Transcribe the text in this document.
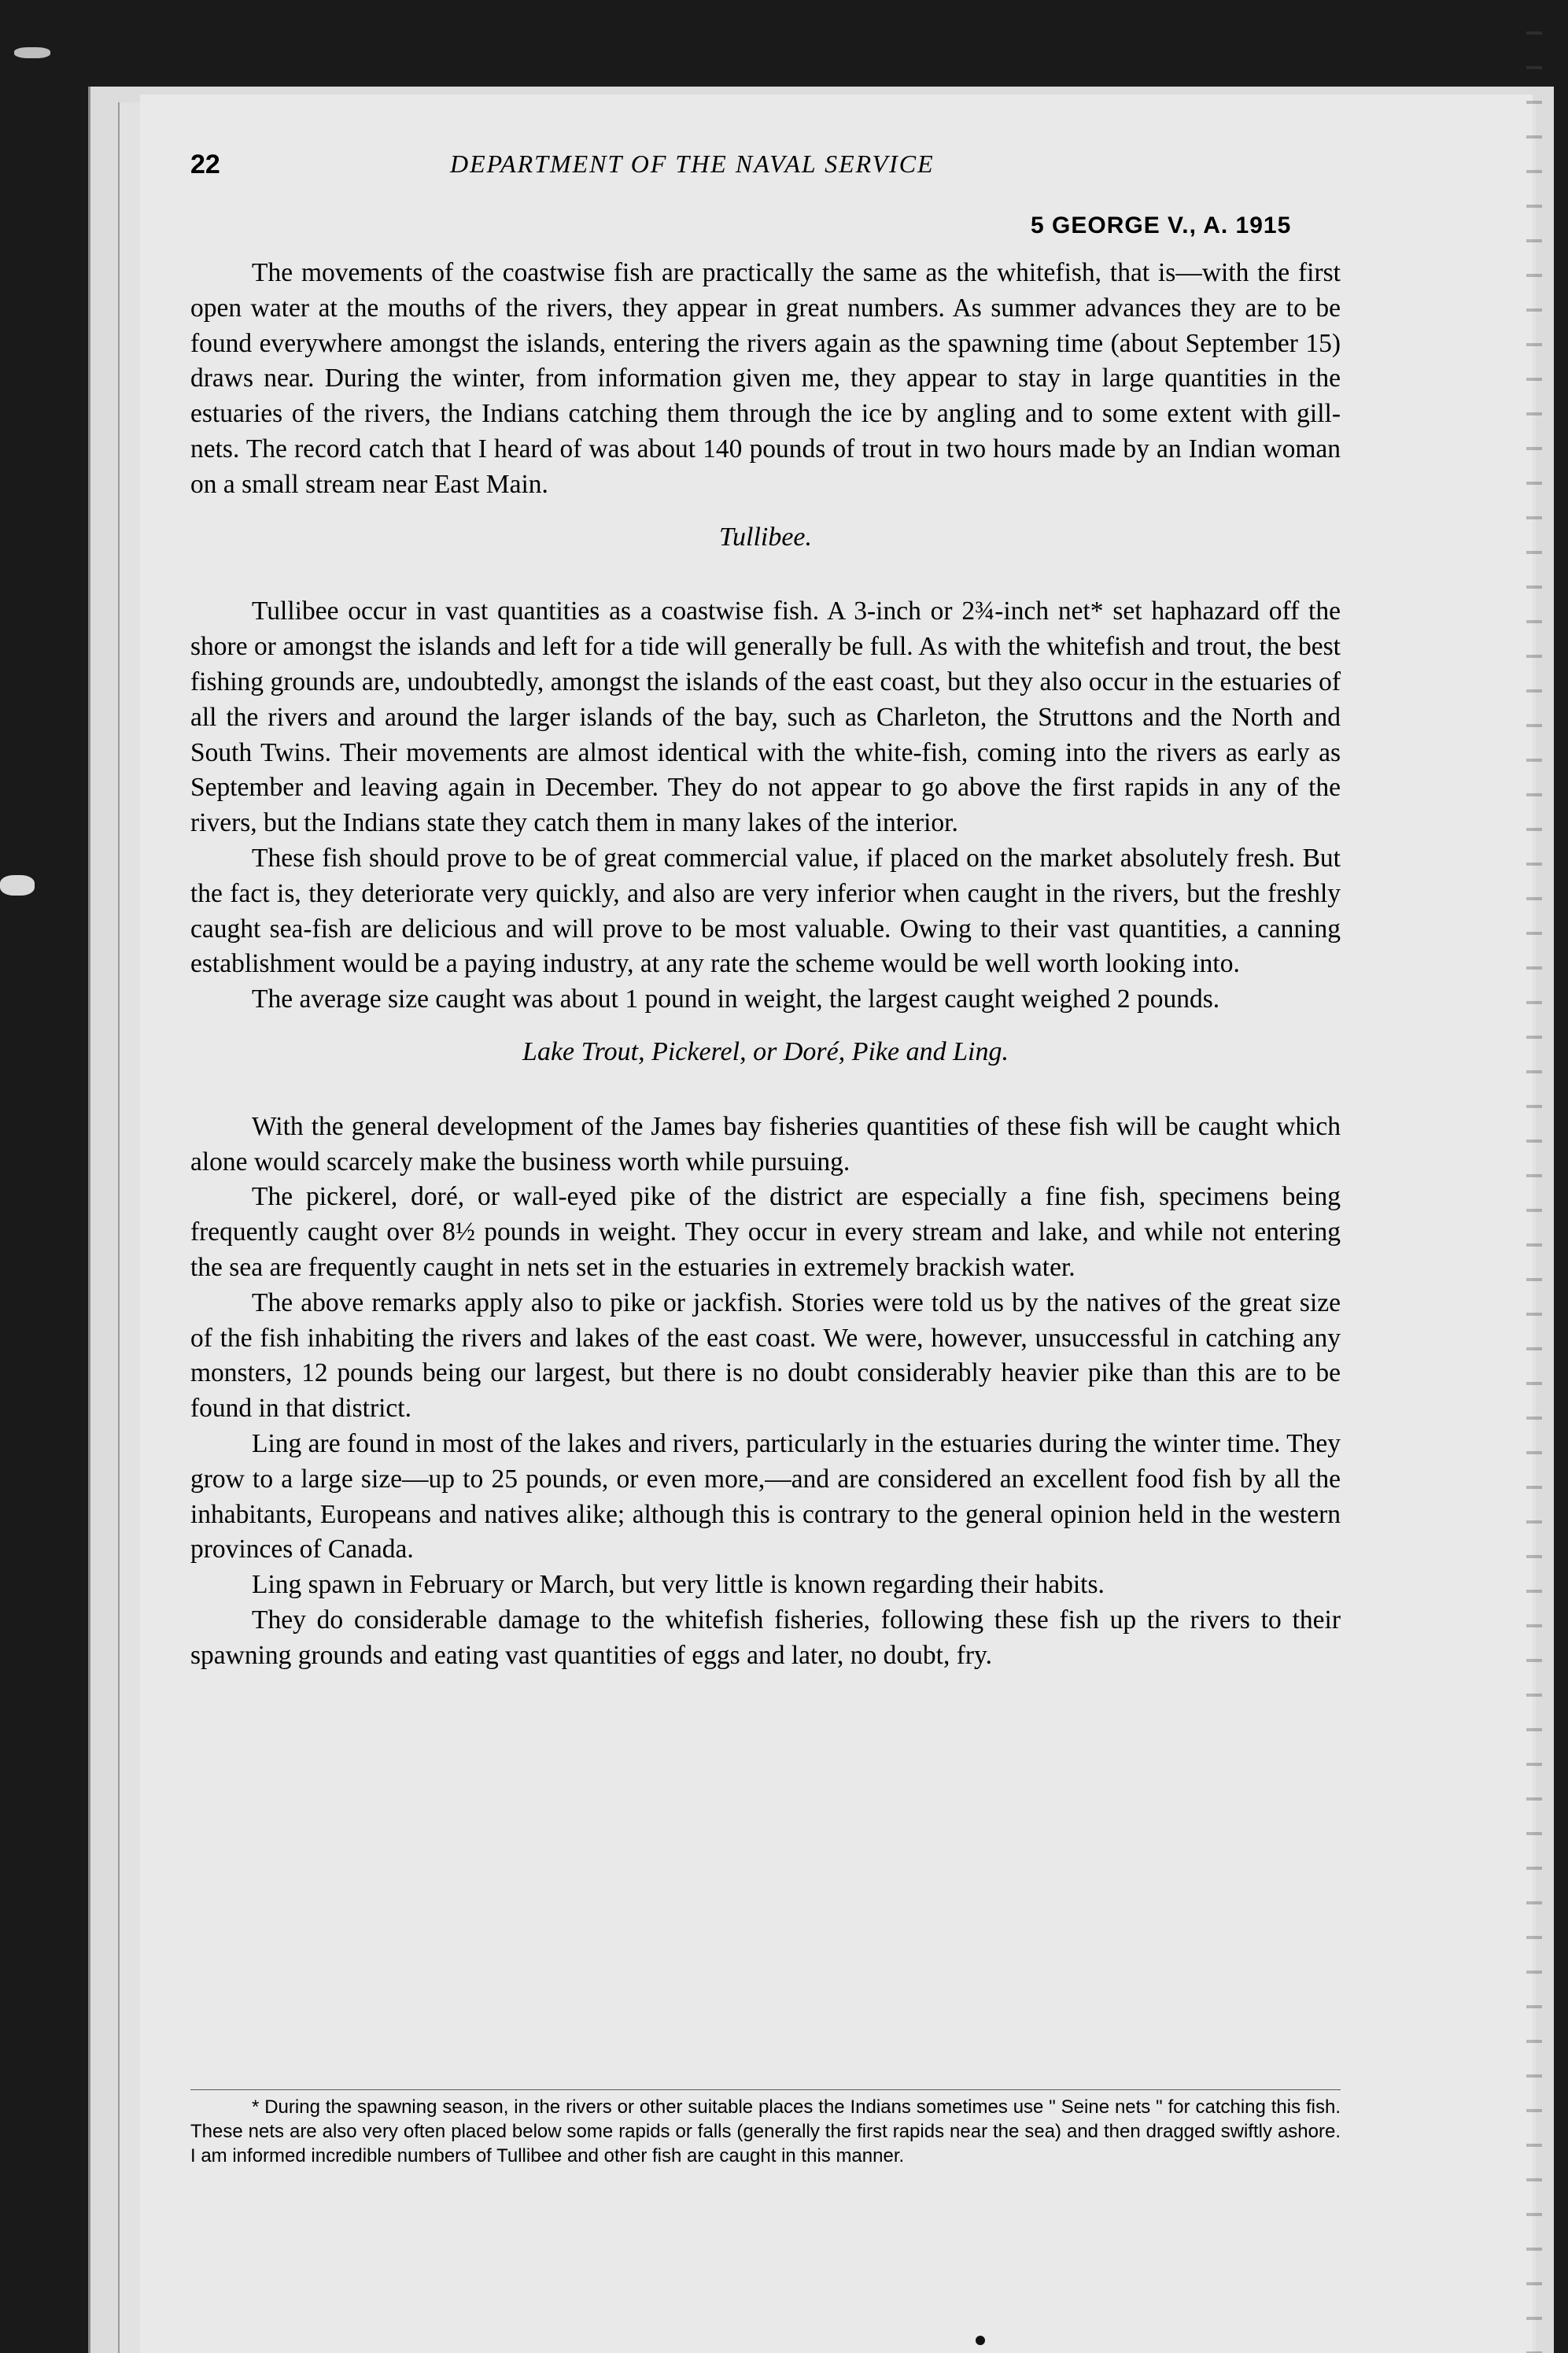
22	DEPARTMENT OF THE NAVAL SERVICE
5 GEORGE V., A. 1915

The movements of the coastwise fish are practically the same as the whitefish, that is—with the first open water at the mouths of the rivers, they appear in great numbers. As summer advances they are to be found everywhere amongst the islands, entering the rivers again as the spawning time (about September 15) draws near. During the winter, from information given me, they appear to stay in large quantities in the estuaries of the rivers, the Indians catching them through the ice by angling and to some extent with gill-nets. The record catch that I heard of was about 140 pounds of trout in two hours made by an Indian woman on a small stream near East Main.

Tullibee.

Tullibee occur in vast quantities as a coastwise fish. A 3-inch or 2¾-inch net* set haphazard off the shore or amongst the islands and left for a tide will generally be full. As with the whitefish and trout, the best fishing grounds are, undoubtedly, amongst the islands of the east coast, but they also occur in the estuaries of all the rivers and around the larger islands of the bay, such as Charleton, the Struttons and the North and South Twins. Their movements are almost identical with the white-fish, coming into the rivers as early as September and leaving again in December. They do not appear to go above the first rapids in any of the rivers, but the Indians state they catch them in many lakes of the interior.

These fish should prove to be of great commercial value, if placed on the market absolutely fresh. But the fact is, they deteriorate very quickly, and also are very inferior when caught in the rivers, but the freshly caught sea-fish are delicious and will prove to be most valuable. Owing to their vast quantities, a canning establishment would be a paying industry, at any rate the scheme would be well worth looking into.

The average size caught was about 1 pound in weight, the largest caught weighed 2 pounds.

Lake Trout, Pickerel, or Doré, Pike and Ling.

With the general development of the James bay fisheries quantities of these fish will be caught which alone would scarcely make the business worth while pursuing.

The pickerel, doré, or wall-eyed pike of the district are especially a fine fish, specimens being frequently caught over 8½ pounds in weight. They occur in every stream and lake, and while not entering the sea are frequently caught in nets set in the estuaries in extremely brackish water.

The above remarks apply also to pike or jackfish. Stories were told us by the natives of the great size of the fish inhabiting the rivers and lakes of the east coast. We were, however, unsuccessful in catching any monsters, 12 pounds being our largest, but there is no doubt considerably heavier pike than this are to be found in that district.

Ling are found in most of the lakes and rivers, particularly in the estuaries during the winter time. They grow to a large size—up to 25 pounds, or even more,—and are considered an excellent food fish by all the inhabitants, Europeans and natives alike; although this is contrary to the general opinion held in the western provinces of Canada.

Ling spawn in February or March, but very little is known regarding their habits.

They do considerable damage to the whitefish fisheries, following these fish up the rivers to their spawning grounds and eating vast quantities of eggs and later, no doubt, fry.

* During the spawning season, in the rivers or other suitable places the Indians sometimes use " Seine nets " for catching this fish. These nets are also very often placed below some rapids or falls (generally the first rapids near the sea) and then dragged swiftly ashore. I am informed incredible numbers of Tullibee and other fish are caught in this manner.
